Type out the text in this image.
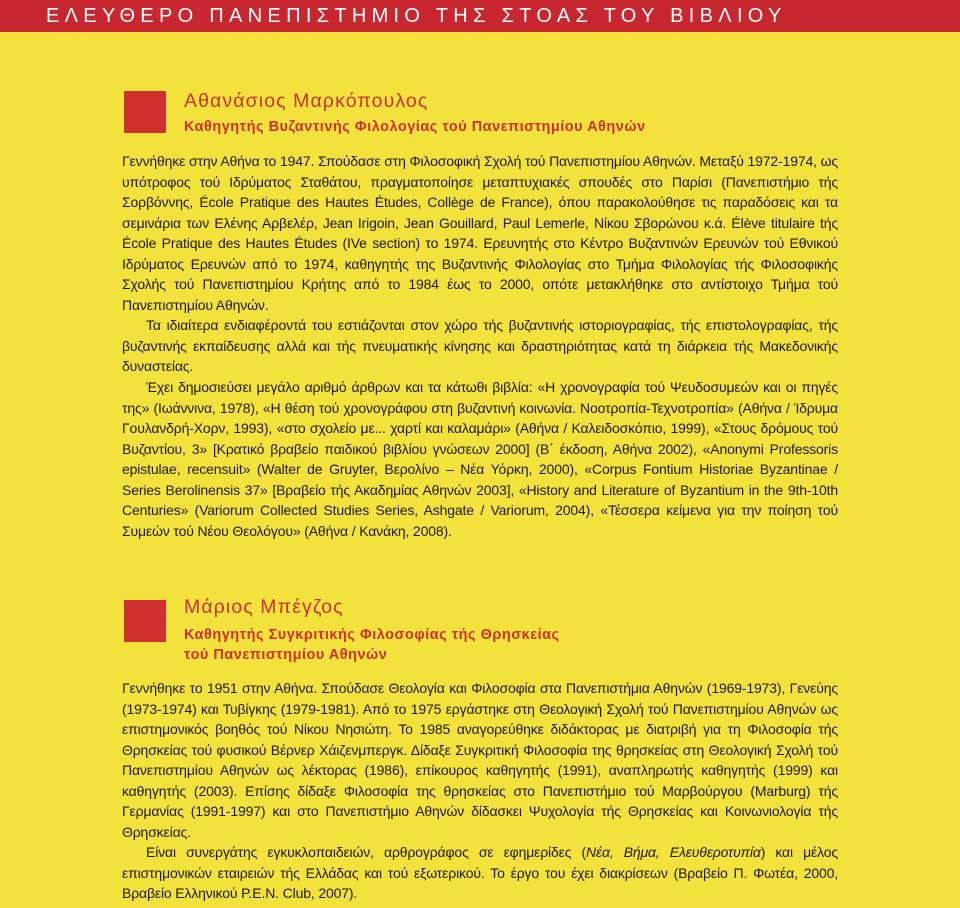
ΕΛΕΥΘΕΡΟ ΠΑΝΕΠΙΣΤΗΜΙΟ ΤΗΣ ΣΤΟΑΣ ΤΟΥ ΒΙΒΛΙΟΥ
Αθανάσιος Μαρκόπουλος
Καθηγητής Βυζαντινής Φιλολογίας τού Πανεπιστημίου Αθηνών

Γεννήθηκε στην Αθήνα το 1947. Σπούδασε στη Φιλοσοφική Σχολή τού Πανεπιστημίου Αθηνών. Μεταξύ 1972-1974, ως υπότροφος τού Ιδρύματος Σταθάτου, πραγματοποίησε μεταπτυχιακές σπουδές στο Παρίσι (Πανεπιστήμιο τής Σορβόννης, École Pratique des Hautes Études, Collège de France), όπου παρακολούθησε τις παραδόσεις και τα σεμινάρια των Ελένης Αρβελέρ, Jean Irigoin, Jean Gouillard, Paul Lemerle, Νίκου Σβορώνου κ.ά. Élève titulaire tής École Pratique des Hautes Études (IVe section) το 1974. Ερευνητής στο Κέντρο Βυζαντινών Ερευνών τού Εθνικού Ιδρύματος Ερευνών από το 1974, καθηγητής της Βυζαντινής Φιλολογίας στο Τμήμα Φιλολογίας τής Φιλοσοφικής Σχολής τού Πανεπιστημίου Κρήτης από το 1984 έως το 2000, οπότε μετακλήθηκε στο αντίστοιχο Τμήμα τού Πανεπιστημίου Αθηνών.

Τα ιδιαίτερα ενδιαφέροντά του εστιάζονται στον χώρο τής βυζαντινής ιστοριογραφίας, τής επιστολογραφίας, τής βυζαντινής εκπαίδευσης αλλά και τής πνευματικής κίνησης και δραστηριότητας κατά τη διάρκεια τής Μακεδονικής δυναστείας.

Έχει δημοσιεύσει μεγάλο αριθμό άρθρων και τα κάτωθι βιβλία: «Η χρονογραφία τού Ψευδοσυμεών και οι πηγές της» (Ιωάννινα, 1978), «Η θέση τού χρονογράφου στη βυζαντινή κοινωνία. Νοοτροπία-Τεχνοτροπία» (Αθήνα / Ίδρυμα Γουλανδρή-Χορν, 1993), «στο σχολείο με... χαρτί και καλαμάρι» (Αθήνα / Καλειδοσκόπιο, 1999), «Στους δρόμους τού Βυζαντίου, 3» [Κρατικό βραβείο παιδικού βιβλίου γνώσεων 2000] (Β΄ έκδοση, Αθήνα 2002), «Anonymi Professoris epistulae, recensuit» (Walter de Gruyter, Βερολίνο – Νέα Υόρκη, 2000), «Corpus Fontium Historiae Byzantinae / Series Berolinensis 37» [Βραβείο τής Ακαδημίας Αθηνών 2003], «History and Literature of Byzantium in the 9th-10th Centuries» (Variorum Collected Studies Series, Ashgate / Variorum, 2004), «Τέσσερα κείμενα για την ποίηση τού Συμεών τού Νέου Θεολόγου» (Αθήνα / Κανάκη, 2008).

Μάριος Μπέγζος
Καθηγητής Συγκριτικής Φιλοσοφίας τής Θρησκείας
τού Πανεπιστημίου Αθηνών

Γεννήθηκε το 1951 στην Αθήνα. Σπούδασε Θεολογία και Φιλοσοφία στα Πανεπιστήμια Αθηνών (1969-1973), Γενεύης (1973-1974) και Τυβίγκης (1979-1981). Από το 1975 εργάστηκε στη Θεολογική Σχολή τού Πανεπιστημίου Αθηνών ως επιστημονικός βοηθός τού Νίκου Νησιώτη. Το 1985 αναγορεύθηκε διδάκτορας με διατριβή για τη Φιλοσοφία τής Θρησκείας τού φυσικού Βέρνερ Χάιζενμπεργκ. Δίδαξε Συγκριτική Φιλοσοφία της θρησκείας στη Θεολογική Σχολή τού Πανεπιστημίου Αθηνών ως λέκτορας (1986), επίκουρος καθηγητής (1991), αναπληρωτής καθηγητής (1999) και καθηγητής (2003). Επίσης δίδαξε Φιλοσοφία της θρησκείας στο Πανεπιστήμιο τού Μαρβούργου (Marburg) τής Γερμανίας (1991-1997) και στο Πανεπιστήμιο Αθηνών δίδασκει Ψυχολογία τής Θρησκείας και Κοινωνιολογία τής Θρησκείας.

Είναι συνεργάτης εγκυκλοπαιδειών, αρθρογράφος σε εφημερίδες (Νέα, Βήμα, Ελευθεροτυπία) και μέλος επιστημονικών εταιρειών τής Ελλάδας και τού εξωτερικού. Το έργο του έχει διακρίσεων (Βραβείο Π. Φωτέα, 2000, Βραβείο Ελληνικού P.E.N. Club, 2007).
